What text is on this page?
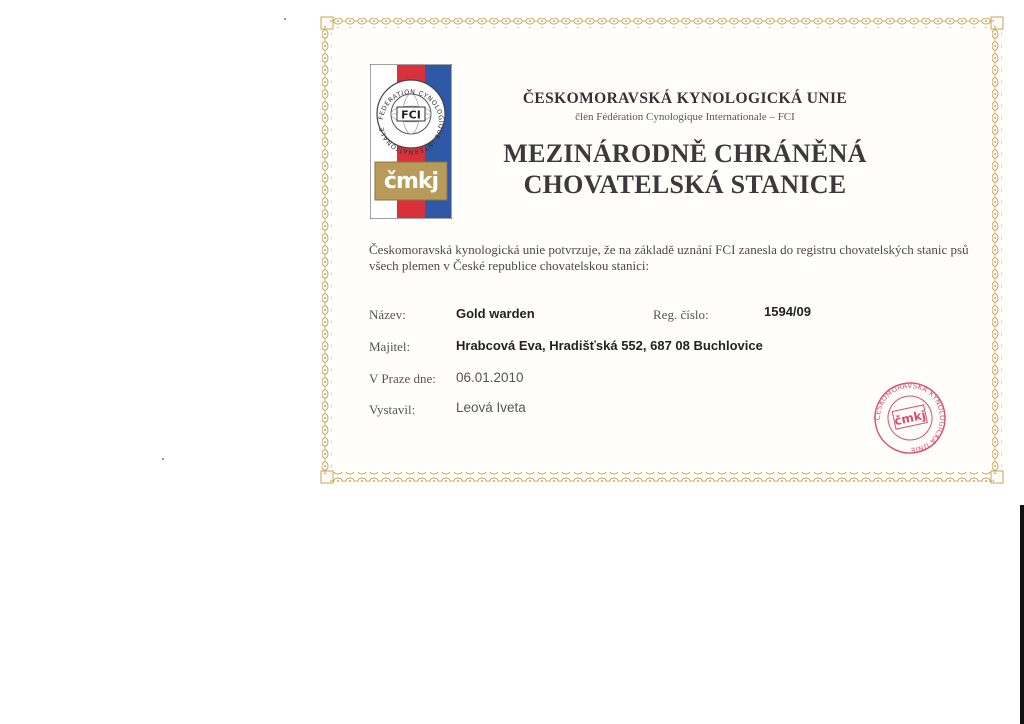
FEDERATION CYNOLOGIQUE INTERNATIONALE
FCI
čmkj

ČESKOMORAVSKÁ KYNOLOGICKÁ UNIE

člen Fédération Cynologique Internationale – FCI

MEZINÁRODNĚ CHRÁNĚNÁ
CHOVATELSKÁ STANICE

Českomoravská kynologická unie potvrzuje, že na základě uznání FCI zanesla do registru chovatelských stanic psů všech plemen v České republice chovatelskou stanici:

Název:	Gold warden	Reg. číslo:	1594/09
Majitel:	Hrabcová Eva, Hradišťská 552, 687 08 Buchlovice
V Praze dne: 06.01.2010
Vystavil:	Leová Iveta
ČESKOMORAVSKÁ KYNOLOGICKÁ UNIE
čmkj
